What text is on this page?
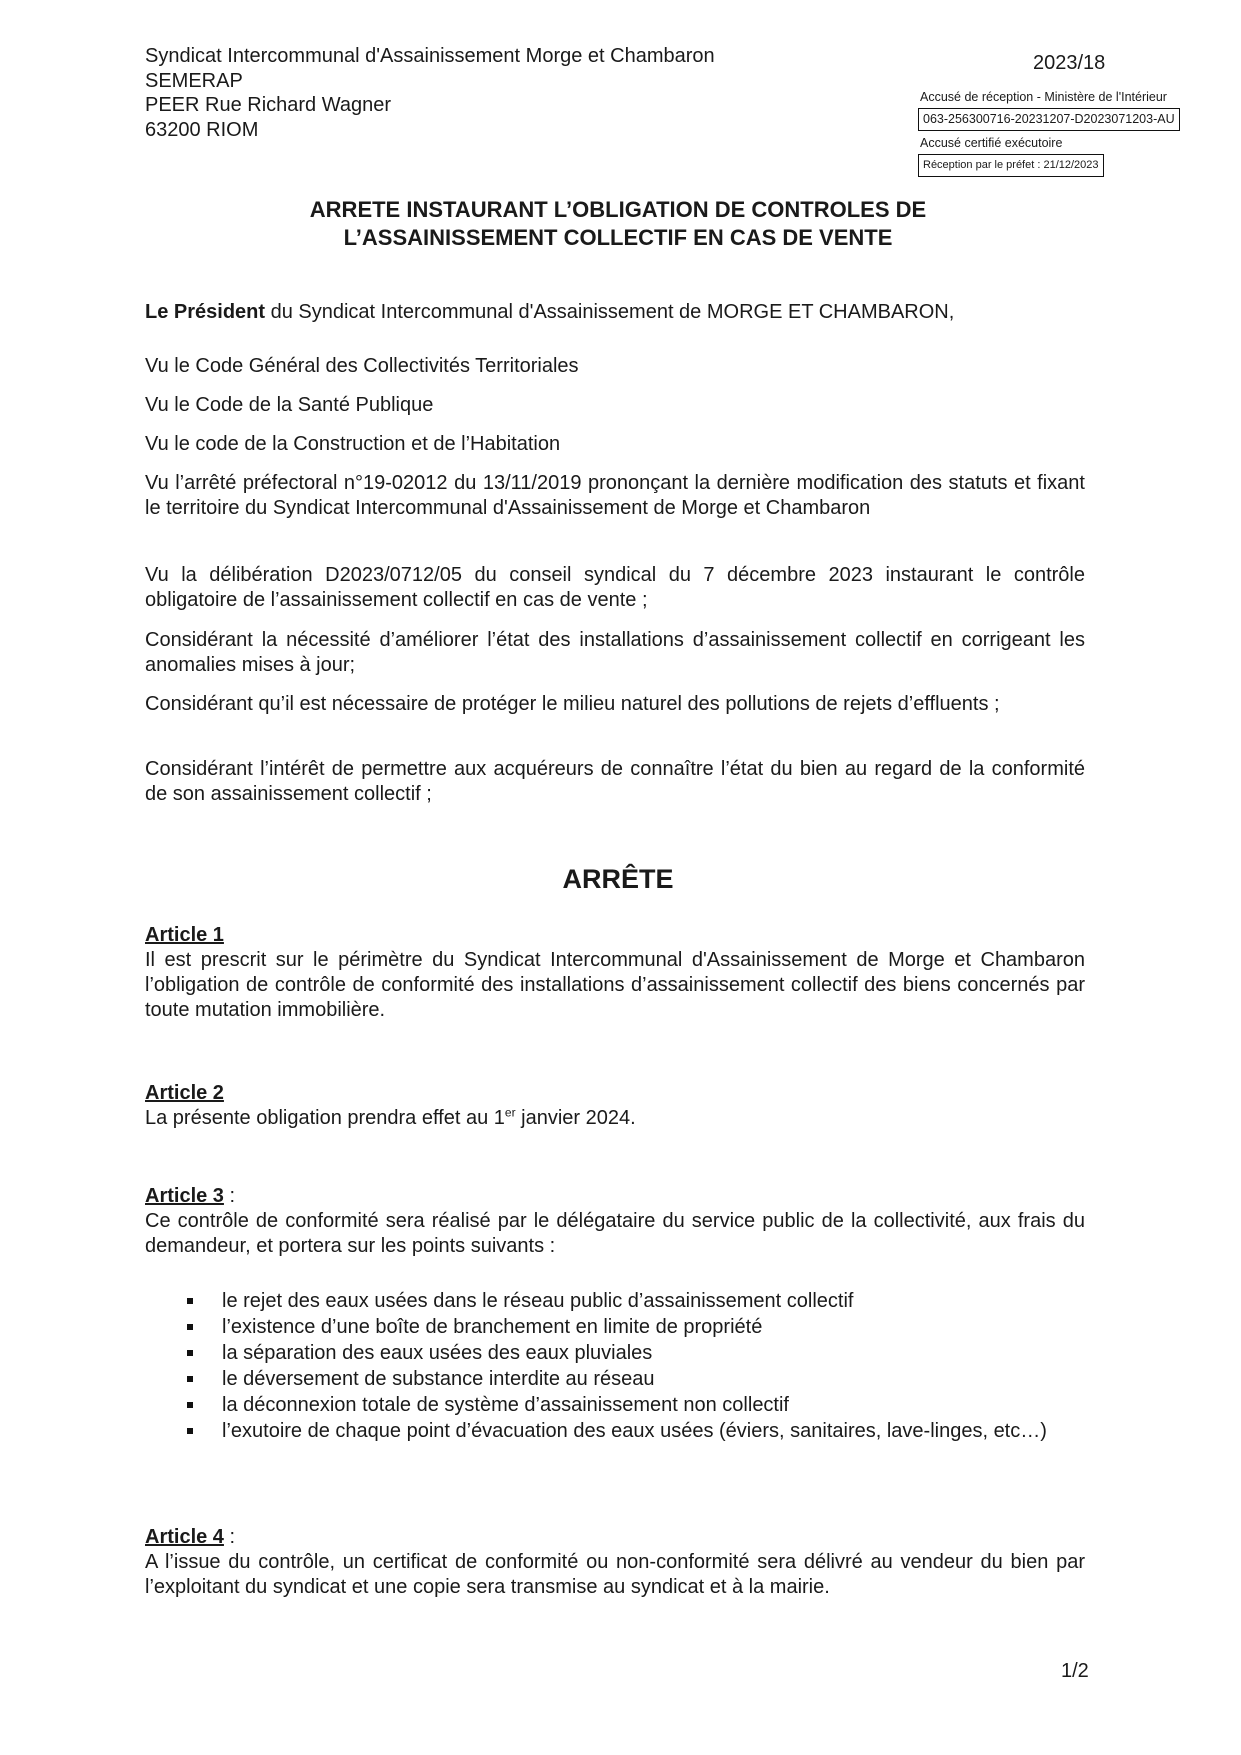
Syndicat Intercommunal d'Assainissement Morge et Chambaron
SEMERAP
PEER Rue Richard Wagner
63200 RIOM
2023/18
Accusé de réception - Ministère de l'Intérieur
063-256300716-20231207-D2023071203-AU
Accusé certifié exécutoire
Réception par le préfet : 21/12/2023
ARRETE INSTAURANT L’OBLIGATION DE CONTROLES DE
L’ASSAINISSEMENT COLLECTIF EN CAS DE VENTE
Le Président du Syndicat Intercommunal d'Assainissement de MORGE ET CHAMBARON,
Vu le Code Général des Collectivités Territoriales
Vu le Code de la Santé Publique
Vu le code de la Construction et de l’Habitation
Vu l’arrêté préfectoral n°19-02012 du 13/11/2019 prononçant la dernière modification des statuts et fixant le territoire du Syndicat Intercommunal d'Assainissement de Morge et Chambaron
Vu la délibération D2023/0712/05 du conseil syndical du 7 décembre 2023 instaurant le contrôle obligatoire de l’assainissement collectif en cas de vente ;
Considérant la nécessité d’améliorer l’état des installations d’assainissement collectif en corrigeant les anomalies mises à jour;
Considérant qu’il est nécessaire de protéger le milieu naturel des pollutions de rejets d’effluents ;
Considérant l’intérêt de permettre aux acquéreurs de connaître l’état du bien au regard de la conformité de son assainissement collectif ;
ARRÊTE
Article 1
Il est prescrit sur le périmètre du Syndicat Intercommunal d'Assainissement de Morge et Chambaron l’obligation de contrôle de conformité des installations d’assainissement collectif des biens concernés par toute mutation immobilière.
Article 2
La présente obligation prendra effet au 1er janvier 2024.
Article 3 :
Ce contrôle de conformité sera réalisé par le délégataire du service public de la collectivité, aux frais du demandeur, et portera sur les points suivants :
le rejet des eaux usées dans le réseau public d’assainissement collectif
l’existence d’une boîte de branchement en limite de propriété
la séparation des eaux usées des eaux pluviales
le déversement de substance interdite au réseau
la déconnexion totale de système d’assainissement non collectif
l’exutoire de chaque point d’évacuation des eaux usées (éviers, sanitaires, lave-linges, etc…)
Article 4 :
A l’issue du contrôle, un certificat de conformité ou non-conformité sera délivré au vendeur du bien par l’exploitant du syndicat et une copie sera transmise au syndicat et à la mairie.
1/2
